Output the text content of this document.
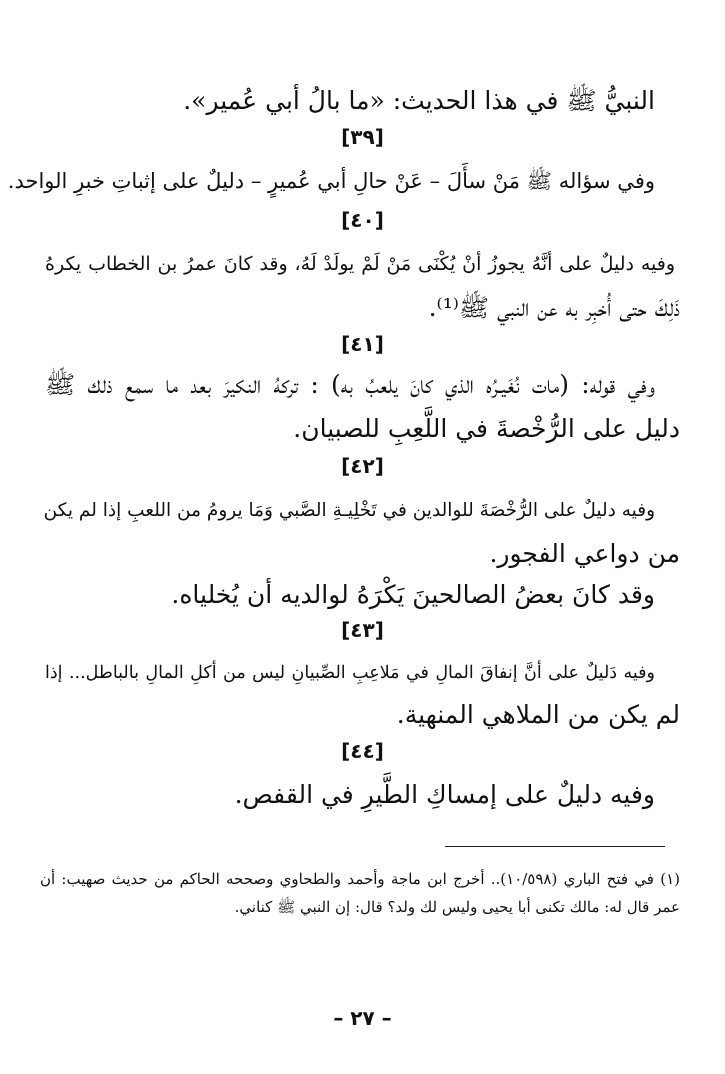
النبيُّ ﷺ في هذا الحديث: «ما بالُ أبي عُمير».
[٣٩]
وفي سؤاله ﷺ مَنْ سأَلَ – عَنْ حالِ أبي عُميرٍ – دليلٌ على إثباتِ خبرِ الواحد.
[٤٠]
وفيه دليلٌ على أنَّهُ يجوزُ أنْ يُكْنَى مَنْ لَمْ يولَدْ لَهُ، وقد كانَ عمرُ بن الخطاب يكرهُ
ذَلِكَ حتى أُخبِر به عن النبي ﷺ⁽¹⁾.
[٤١]
وفي قوله: (مات نُغَيـرُه الذي كانَ يلعبُ به) : تركهُ النكيرَ بعد ما سمع ذلك ﷺ
دليل على الرُّخْصةَ في اللَّعِبِ للصبيان.
[٤٢]
وفيه دليلٌ على الرُّخْصَةَ للوالدين في تَخْلِيـةِ الصَّبي وَمَا يرومُ من اللعبِ إذا لم يكن
من دواعي الفجور.
وقد كانَ بعضُ الصالحينَ يَكْرَهُ لوالديه أن يُخلياه.
[٤٣]
وفيه دَليلٌ على أنَّ إنفاقَ المالِ في مَلاعِبِ الصِّبيانِ ليس من أكلِ المالِ بالباطل... إذا
لم يكن من الملاهي المنهية.
[٤٤]
وفيه دليلٌ على إمساكِ الطَّيرِ في القفص.
(١) في فتح الباري (١٠/٥٩٨).. أخرج ابن ماجة وأحمد والطحاوي وصححه الحاكم من حديث صهيب: أن
عمر قال له: مالك تكنى أبا يحيى وليس لك ولد؟ قال: إن النبي ﷺ كناني.
– ٢٧ –
